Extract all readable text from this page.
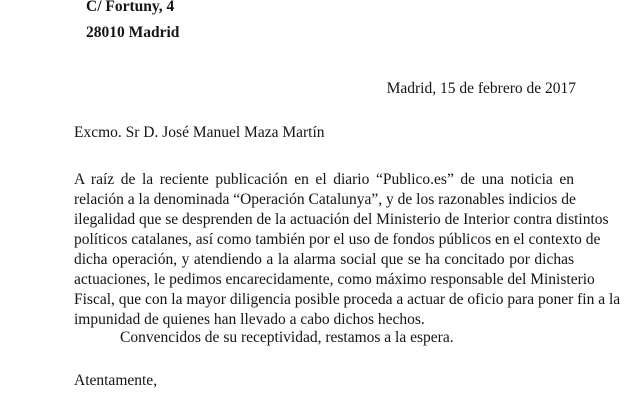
C/ Fortuny, 4
28010 Madrid
Madrid, 15 de febrero de 2017
Excmo. Sr D. José Manuel Maza Martín
A raíz de la reciente publicación en el diario “Publico.es” de una noticia en
relación a la denominada “Operación Catalunya”, y de los razonables indicios de
ilegalidad que se desprenden de la actuación del Ministerio de Interior contra distintos
políticos catalanes, así como también por el uso de fondos públicos en el contexto de
dicha operación, y atendiendo a la alarma social que se ha concitado por dichas
actuaciones, le pedimos encarecidamente, como máximo responsable del Ministerio
Fiscal, que con la mayor diligencia posible proceda a actuar de oficio para poner fin a la
impunidad de quienes han llevado a cabo dichos hechos.
Convencidos de su receptividad, restamos a la espera.
Atentamente,
